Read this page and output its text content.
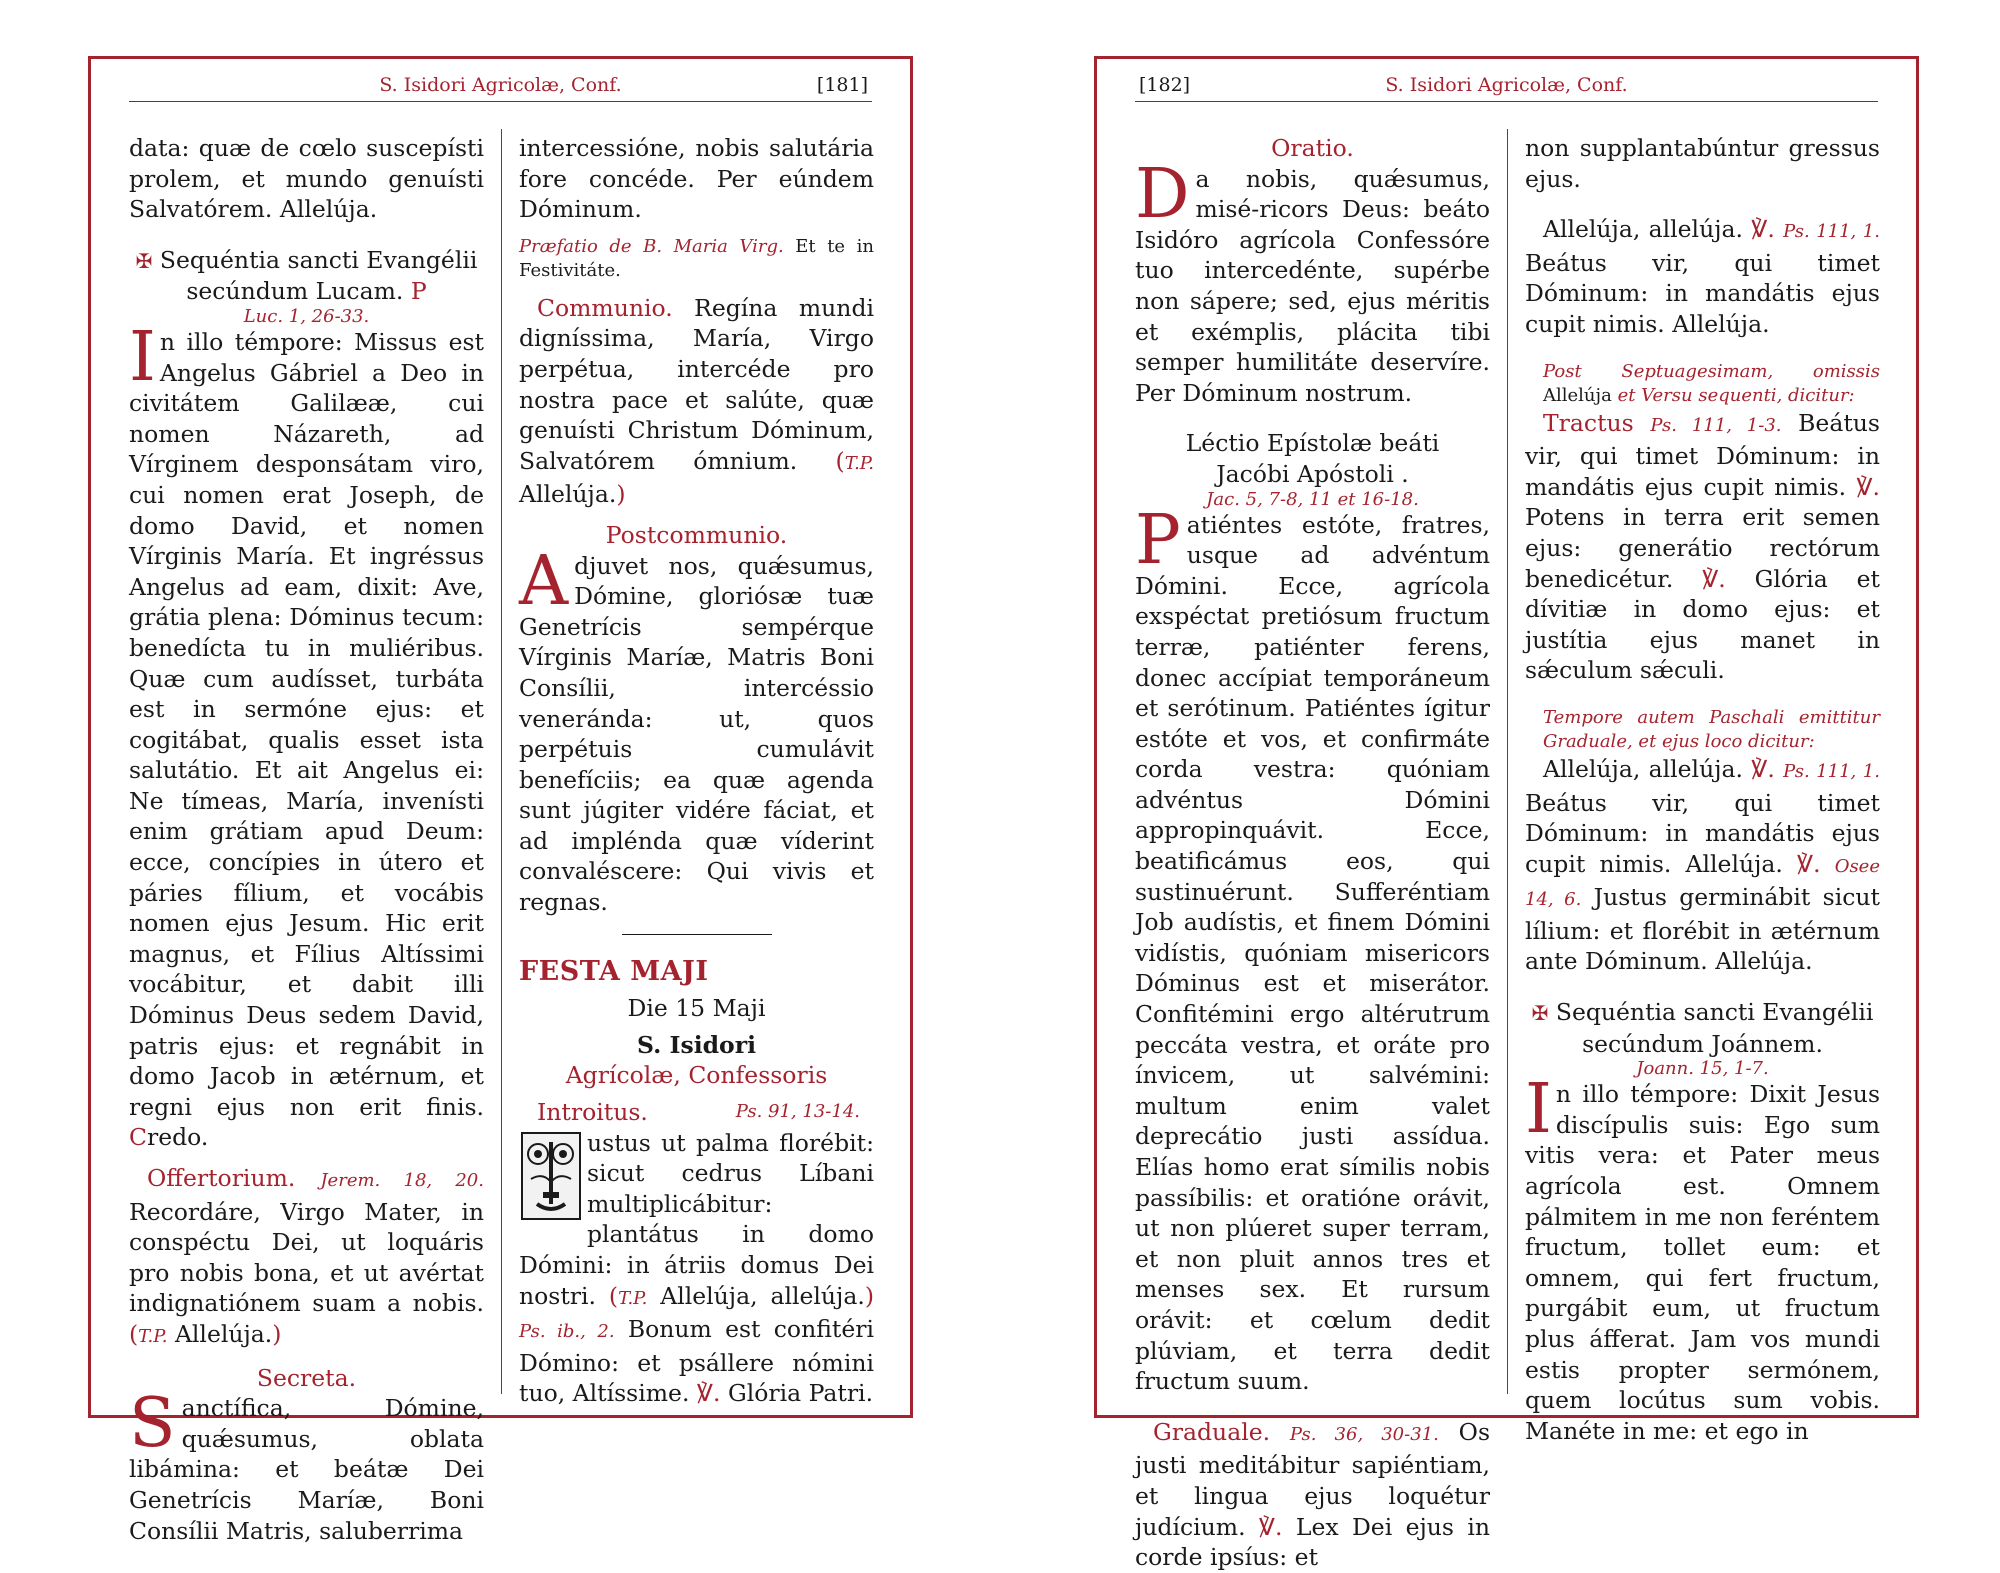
S. Isidori Agricolæ, Conf.	[181]

data: quæ de cœlo suscepísti prolem, et mundo genuísti Salvatórem. Allelúja.

✠ Sequéntia sancti Evangélii secúndum Lucam. P

Luc. 1, 26-33.

I n illo témpore: Missus est Angelus Gábriel a Deo in civitátem Galilææ, cui nomen Názareth, ad Vírginem desponsátam viro, cui nomen erat Joseph, de domo David, et nomen Vírginis María. Et ingréssus Angelus ad eam, dixit: Ave, grátia plena: Dóminus tecum: benedícta tu in muliéribus. Quæ cum audísset, turbáta est in sermóne ejus: et cogitábat, qualis esset ista salutátio. Et ait Angelus ei: Ne tímeas, María, invenísti enim grátiam apud Deum: ecce, concípies in útero et páries fílium, et vocábis nomen ejus Jesum. Hic erit magnus, et Fílius Altíssimi vocábitur, et dabit illi Dóminus Deus sedem David, patris ejus: et regnábit in domo Jacob in ætérnum, et regni ejus non erit finis. Credo.

Offertorium. Jerem. 18, 20. Recordáre, Virgo Mater, in conspéctu Dei, ut loquáris pro nobis bona, et ut avértat indignatiónem suam a nobis. (T.P. Allelúja.)

Secreta.

S anctífica, Dómine, quǽsumus, oblata libámina: et beátæ Dei Genetrícis Maríæ, Boni Consílii Matris, saluberrima

intercessióne, nobis salutária fore concéde. Per eúndem Dóminum.

Præfatio de B. Maria Virg. Et te in Festivitáte.

Communio. Regína mundi digníssima, María, Virgo perpétua, intercéde pro nostra pace et salúte, quæ genuísti Christum Dóminum, Salvatórem ómnium. (T.P. Allelúja.)

Postcommunio.

A djuvet nos, quǽsumus, Dómine, gloriósæ tuæ Genetrícis sempérque Vírginis Maríæ, Matris Boni Consílii, intercéssio veneránda: ut, quos perpétuis cumulávit benefíciis; ea quæ agenda sunt júgiter vidére fáciat, et ad implénda quæ víderint convaléscere: Qui vivis et regnas.

FESTA MAJI

Die 15 Maji

S. Isidori

Agrícolæ, Confessoris

Introitus.	Ps. 91, 13-14.

ustus ut palma florébit: sicut cedrus Líbani multiplicábitur: plantátus in domo Dómini: in átriis domus Dei nostri. (T.P. Allelúja, allelúja.) Ps. ib., 2. Bonum est confitéri Dómino: et psállere nómini tuo, Altíssime. ℣. Glória Patri.

[182]	S. Isidori Agricolæ, Conf.

Oratio.

D a nobis, quǽsumus, misé-ricors Deus: beáto Isidóro agrícola Confessóre tuo intercedénte, supérbe non sápere; sed, ejus méritis et exémplis, plácita tibi semper humilitáte deservíre. Per Dóminum nostrum.

Léctio Epístolæ beáti

Jacóbi Apóstoli .

Jac. 5, 7-8, 11 et 16-18.

P atiéntes estóte, fratres, usque ad advéntum Dómini. Ecce, agrícola exspéctat pretiósum fructum terræ, patiénter ferens, donec accípiat temporáneum et serótinum. Patiéntes ígitur estóte et vos, et confirmáte corda vestra: quóniam advéntus Dómini appropinquávit. Ecce, beatificámus eos, qui sustinuérunt. Sufferéntiam Job audístis, et finem Dómini vidístis, quóniam misericors Dóminus est et miserátor. Confitémini ergo altérutrum peccáta vestra, et oráte pro ínvicem, ut salvémini: multum enim valet deprecátio justi assídua. Elías homo erat símilis nobis passíbilis: et oratióne orávit, ut non plúeret super terram, et non pluit annos tres et menses sex. Et rursum orávit: et cœlum dedit plúviam, et terra dedit fructum suum.

Graduale. Ps. 36, 30-31. Os justi meditábitur sapiéntiam, et lingua ejus loquétur judícium. ℣. Lex Dei ejus in corde ipsíus: et

non supplantabúntur gressus ejus.

Allelúja, allelúja. ℣. Ps. 111, 1. Beátus vir, qui timet Dóminum: in mandátis ejus cupit nimis. Allelúja.

Post Septuagesimam, omissis Allelúja et Versu sequenti, dicitur:

Tractus Ps. 111, 1-3. Beátus vir, qui timet Dóminum: in mandátis ejus cupit nimis. ℣. Potens in terra erit semen ejus: generátio rectórum benedicétur. ℣. Glória et dívitiæ in domo ejus: et justítia ejus manet in sǽculum sǽculi.

Tempore autem Paschali emittitur Graduale, et ejus loco dicitur:

Allelúja, allelúja. ℣. Ps. 111, 1. Beátus vir, qui timet Dóminum: in mandátis ejus cupit nimis. Allelúja. ℣. Osee 14, 6. Justus germinábit sicut lílium: et florébit in ætérnum ante Dóminum. Allelúja.

✠ Sequéntia sancti Evangélii secúndum Joánnem.

Joann. 15, 1-7.

I n illo témpore: Dixit Jesus discípulis suis: Ego sum vitis vera: et Pater meus agrícola est. Omnem pálmitem in me non feréntem fructum, tollet eum: et omnem, qui fert fructum, purgábit eum, ut fructum plus áfferat. Jam vos mundi estis propter sermónem, quem locútus sum vobis. Manéte in me: et ego in
